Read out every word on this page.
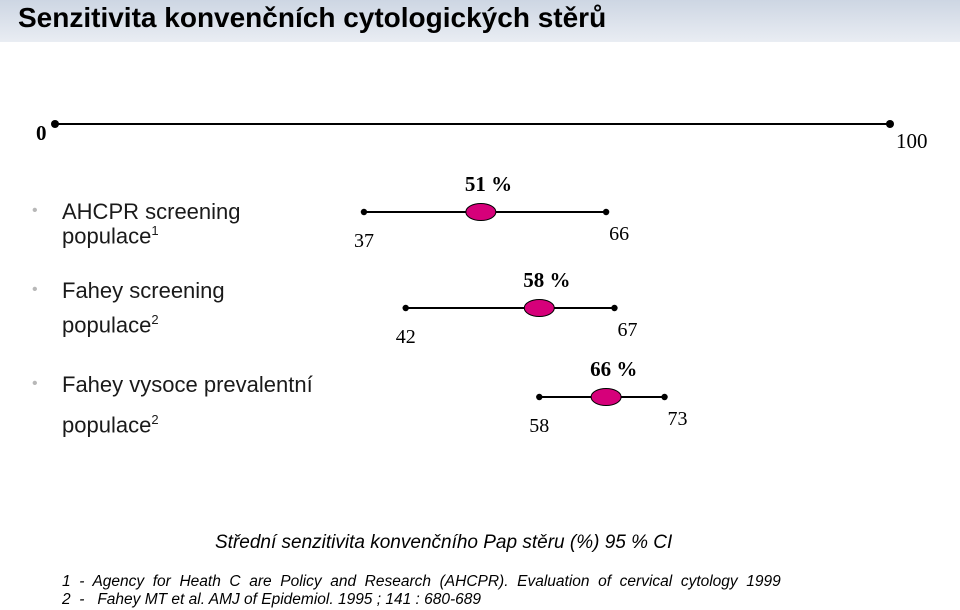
Senzitivita konvenčních cytologických stěrů
• AHCPR screening
populace$^1$
• Fahey screening
populace$^2$
• Fahey vysoce prevalentní
populace$^2$
0	100
51 %
37	66
58 %
42	67
66 %
58	73
Střední senzitivita konvenčního Pap stěru (%) 95 % CI
1  -  Agency  for  Heath  C  are  Policy  and  Research  (AHCPR).  Evaluation  of  cervical  cytology  1999
2  -   Fahey MT et al. AMJ of Epidemiol. 1995 ; 141 : 680-689
